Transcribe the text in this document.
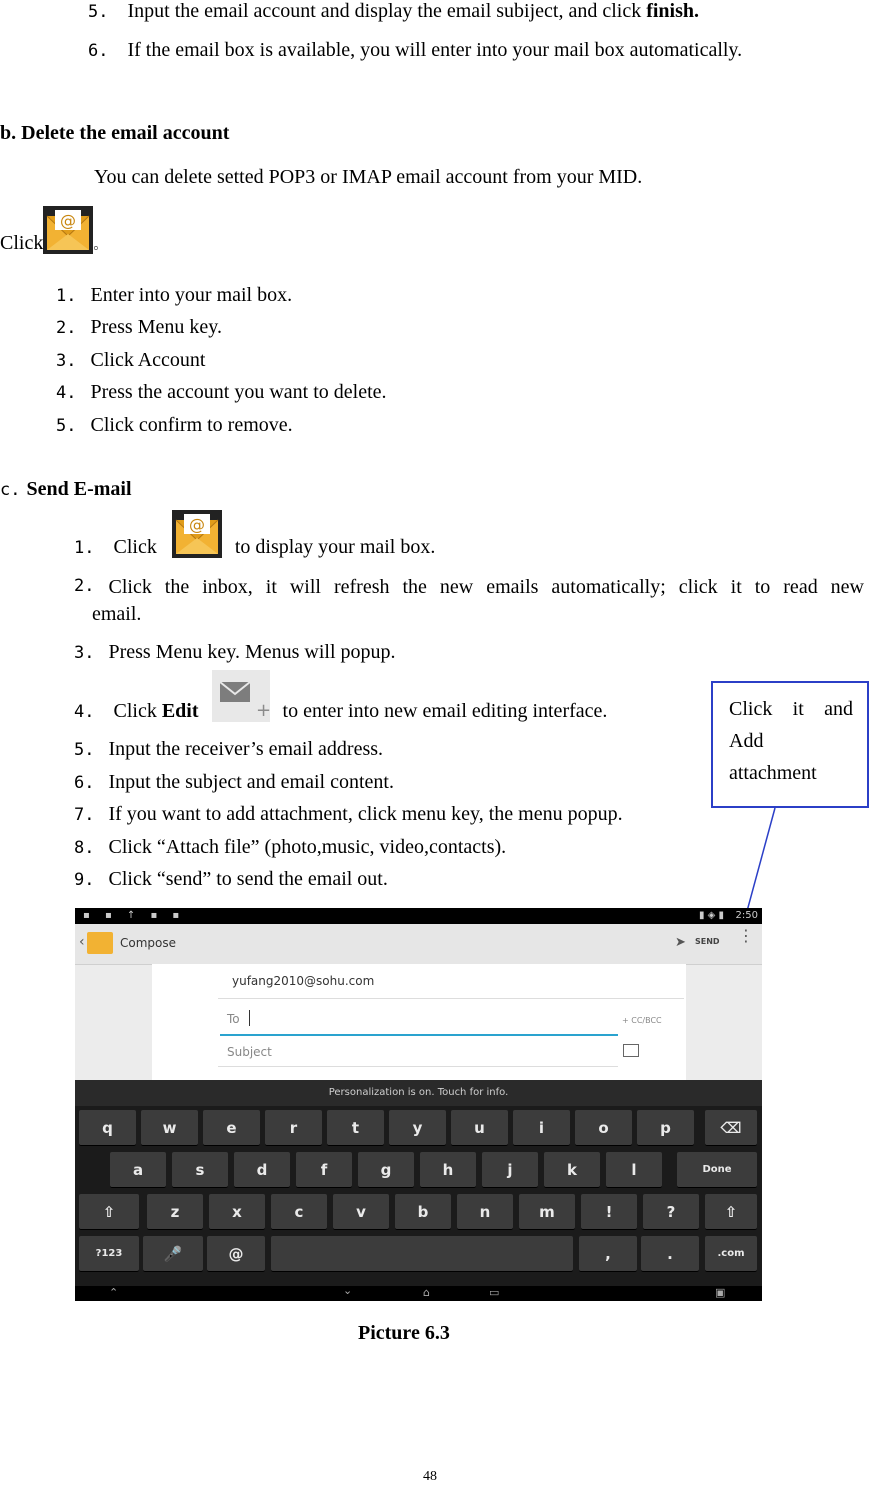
5. Input the email account and display the email subiject, and click finish.
6. If the email box is available, you will enter into your mail box automatically.
b. Delete the email account
You can delete setted POP3 or IMAP email account from your MID.
Click
@
$_。$
1. Enter into your mail box.
2. Press Menu key.
3. Click Account
4. Press the account you want to delete.
5. Click confirm to remove.
c. Send E-mail
$_{1.}$ Click
@
to display your mail box.
2. Click the inbox, it will refresh the new emails automatically; click it to read new
email.
3. Press Menu key. Menus will popup.
$_{4.}$ Click Edit	+ to enter into new email editing interface.
5. Input the receiver’s email address.
6. Input the subject and email content.
7. If you want to add attachment, click menu key, the menu popup.
8. Click “Attach file” (photo,music, video,contacts).
9. Click “send” to send the email out.
Click it and
Add
attachment
▪ ▪ ↑ ▪ ▪	▮ ◈ ▮ 2:50
‹	Compose	➤ SEND ⋮
yufang2010@sohu.com
To	+ CC/BCC
Subject
Personalization is on. Touch for info.
q	w	e	r	t	y	u	i	o	p
a	s	d	f	g	h	j	k	l
z	x	c	v	b	n	m	!	?
⌫
Done
⇧	⇧
?123	🎤	@	,	.	.com
⌃	⌄	⌂	▭	▣
Picture 6.3
48
